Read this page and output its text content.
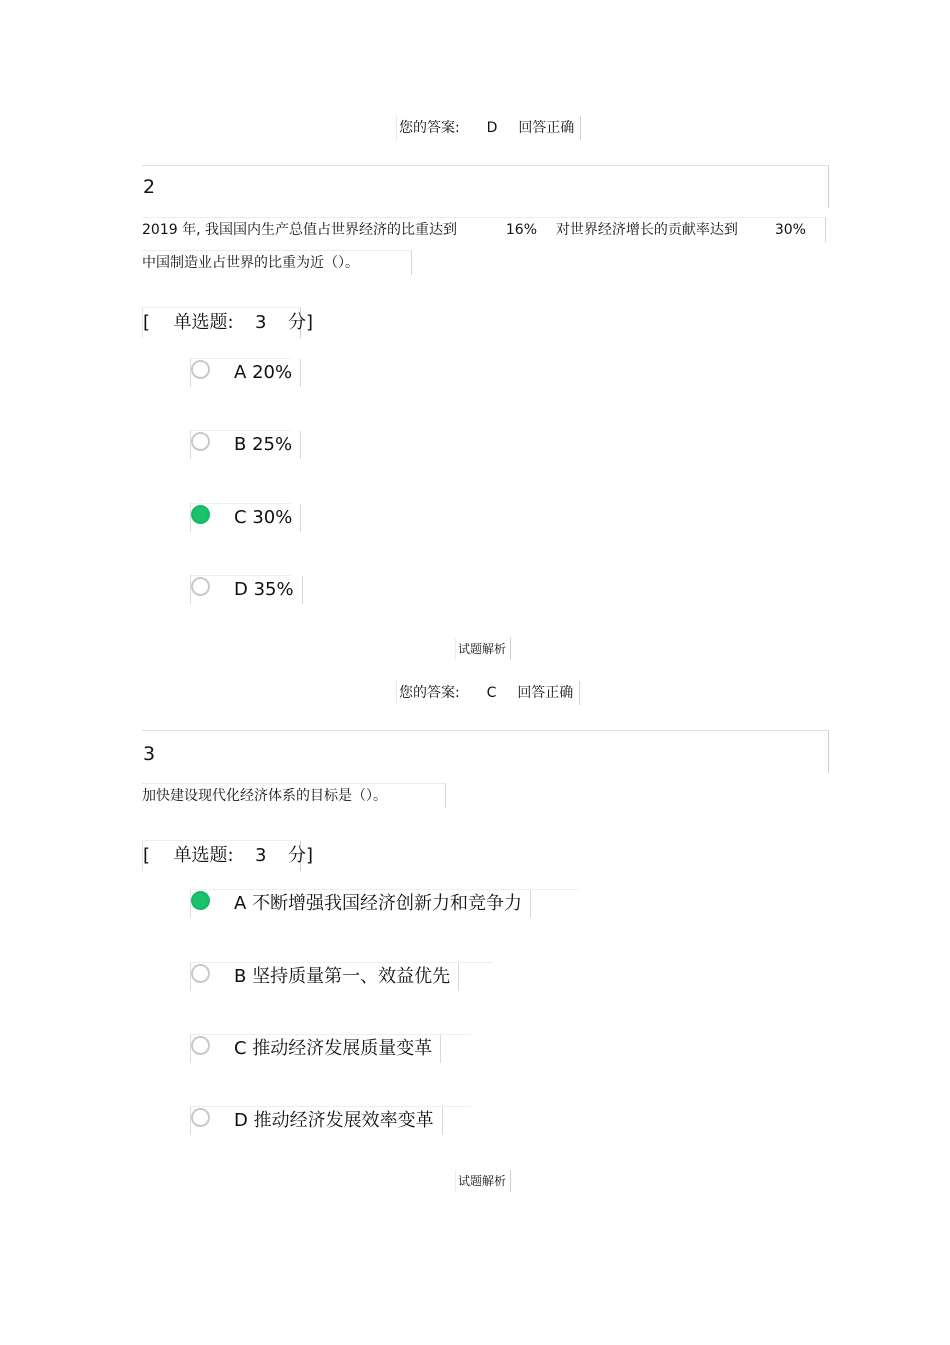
您的答案: D 回答正确
2
2019 年, 我国国内生产总值占世界经济的比重达到	16% 对世界经济增长的贡献率达到	30%
中国制造业占世界的比重为近（）。
[ 单选题: 3 分]
A 20%
B 25%
C 30%
D 35%
试题解析
您的答案: C 回答正确
3
加快建设现代化经济体系的目标是（）。
[ 单选题: 3 分]
A 不断增强我国经济创新力和竞争力
B 坚持质量第一、效益优先
C 推动经济发展质量变革
D 推动经济发展效率变革
试题解析
